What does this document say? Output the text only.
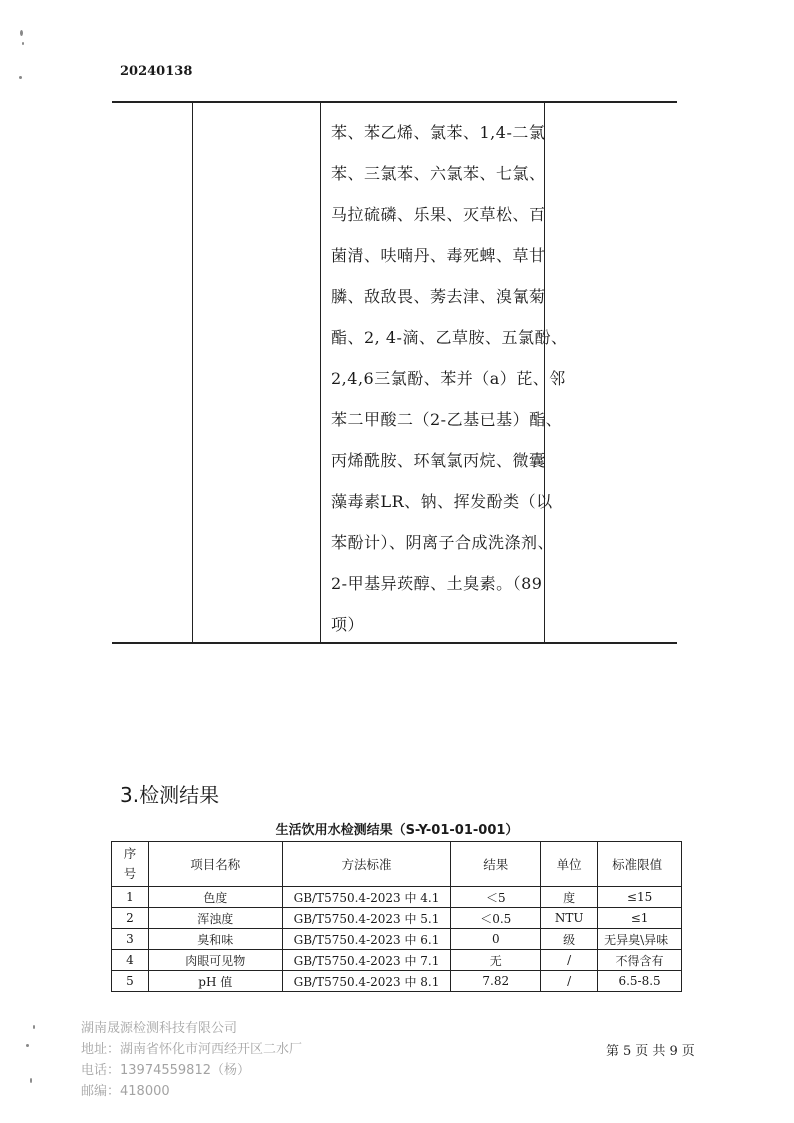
20240138
苯、苯乙烯、氯苯、1,4-二氯
苯、三氯苯、六氯苯、七氯、
马拉硫磷、乐果、灭草松、百
菌清、呋喃丹、毒死蜱、草甘
膦、敌敌畏、莠去津、溴氰菊
酯、2, 4-滴、乙草胺、五氯酚、
2,4,6三氯酚、苯并（a）芘、邻
苯二甲酸二（2-乙基已基）酯、
丙烯酰胺、环氧氯丙烷、微囊
藻毒素LR、钠、挥发酚类（以
苯酚计）、阴离子合成洗涤剂、
2-甲基异莰醇、土臭素。（89
项）
3.检测结果
生活饮用水检测结果（S-Y-01-01-001）
序
号	项目名称	方法标准	结果	单位	标准限值
1	色度	GB/T5750.4-2023 中 4.1	＜5	度	≤15
2	浑浊度	GB/T5750.4-2023 中 5.1	＜0.5	NTU	≤1
3	臭和味	GB/T5750.4-2023 中 6.1	0	级	无异臭\异味
4	肉眼可见物	GB/T5750.4-2023 中 7.1	无	/	不得含有
5	pH 值	GB/T5750.4-2023 中 8.1	7.82	/	6.5-8.5
湖南晟源检测科技有限公司
地址：湖南省怀化市河西经开区二水厂
电话：13974559812（杨）
邮编：418000
第 5 页 共 9 页
